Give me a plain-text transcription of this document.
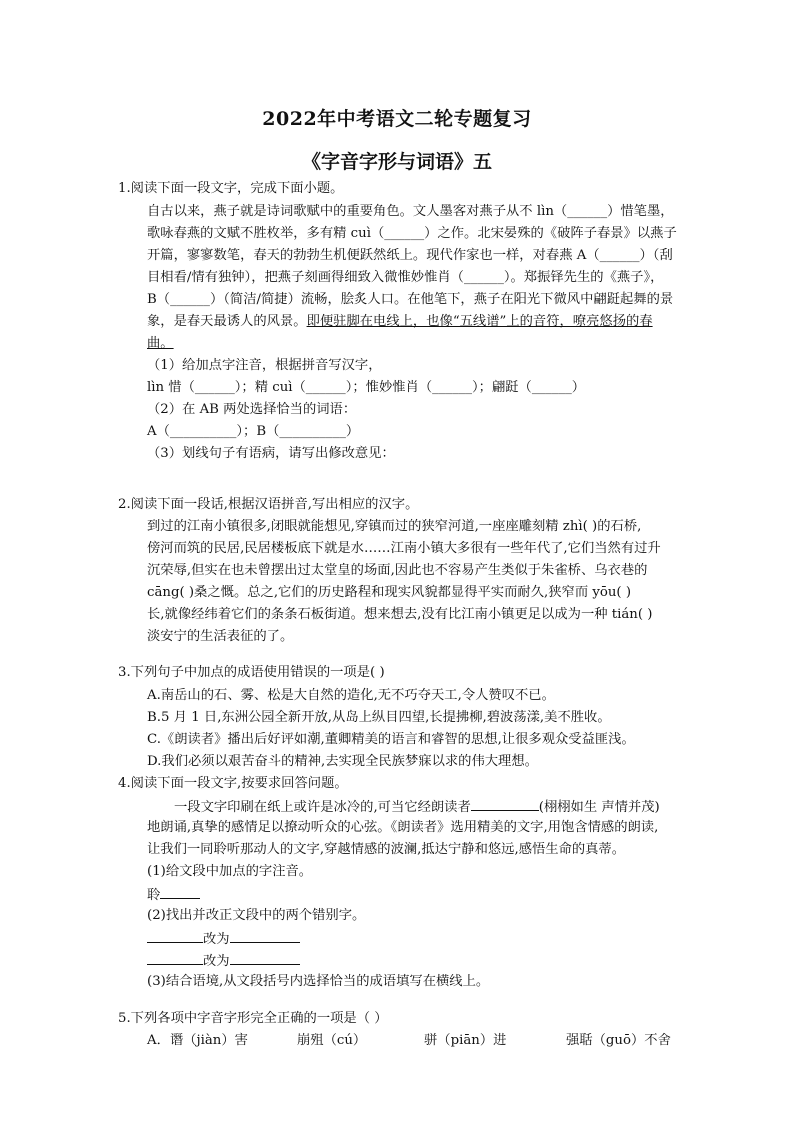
2022年中考语文二轮专题复习
《字音字形与词语》五
1.阅读下面一段文字，完成下面小题。
自古以来，燕子就是诗词歌赋中的重要角色。文人墨客对燕子从不 lìn（______）惜笔墨，
歌咏春燕的文赋不胜枚举，多有精 cuì（______）之作。北宋晏殊的《破阵子春景》以燕子
开篇，寥寥数笔，春天的勃勃生机便跃然纸上。现代作家也一样，对春燕 A（______）（刮
目相看/情有独钟），把燕子刻画得细致入微惟妙惟肖（______）。郑振铎先生的《燕子》，
B（______）（简洁/简捷）流畅，脍炙人口。在他笔下，燕子在阳光下微风中翩跹起舞的景
象，是春天最诱人的风景。即便驻脚在电线上，也像“五线谱”上的音符，嘹亮悠扬的春
曲。
（1）给加点字注音，根据拼音写汉字，
lìn 惜（______）；精 cuì（______）；惟妙惟肖（______）；翩跹（______）
（2）在 AB 两处选择恰当的词语：
A（__________）；B（__________）
（3）划线句子有语病，请写出修改意见：
2.阅读下面一段话,根据汉语拼音,写出相应的汉字。
到过的江南小镇很多,闭眼就能想见,穿镇而过的狭窄河道,一座座雕刻精 zhì( )的石桥,
傍河而筑的民居,民居楼板底下就是水……江南小镇大多很有一些年代了,它们当然有过升
沉荣辱,但实在也未曾摆出过太堂皇的场面,因此也不容易产生类似于朱雀桥、乌衣巷的
cāng( )桑之慨。总之,它们的历史路程和现实风貌都显得平实而耐久,狭窄而 yōu( )
长,就像经纬着它们的条条石板街道。想来想去,没有比江南小镇更足以成为一种 tián( )
淡安宁的生活表征的了。
3.下列句子中加点的成语使用错误的一项是( )
A.南岳山的石、雾、松是大自然的造化,无不巧夺天工,令人赞叹不已。
B.5 月 1 日,东洲公园全新开放,从岛上纵目四望,长提拂柳,碧波荡漾,美不胜收。
C.《朗读者》播出后好评如潮,董卿精美的语言和睿智的思想,让很多观众受益匪浅。
D.我们必须以艰苦奋斗的精神,去实现全民族梦寐以求的伟大理想。
4.阅读下面一段文字,按要求回答问题。
一段文字印刷在纸上或许是冰冷的,可当它经朗读者	(栩栩如生 声情并茂)
地朗诵,真挚的感情足以撩动听众的心弦。《朗读者》选用精美的文字,用饱含情感的朗读,
让我们一同聆听那动人的文字,穿越情感的波澜,抵达宁静和悠远,感悟生命的真蒂。
(1)给文段中加点的字注音。
聆
(2)找出并改正文段中的两个错别字。
改为
改为
(3)结合语境,从文段括号内选择恰当的成语填写在横线上。
5.下列各项中字音字形完全正确的一项是（ ）
A．谮（jiàn）害	崩殂（cú）	骈（piān）进	强聒（guō）不舍
